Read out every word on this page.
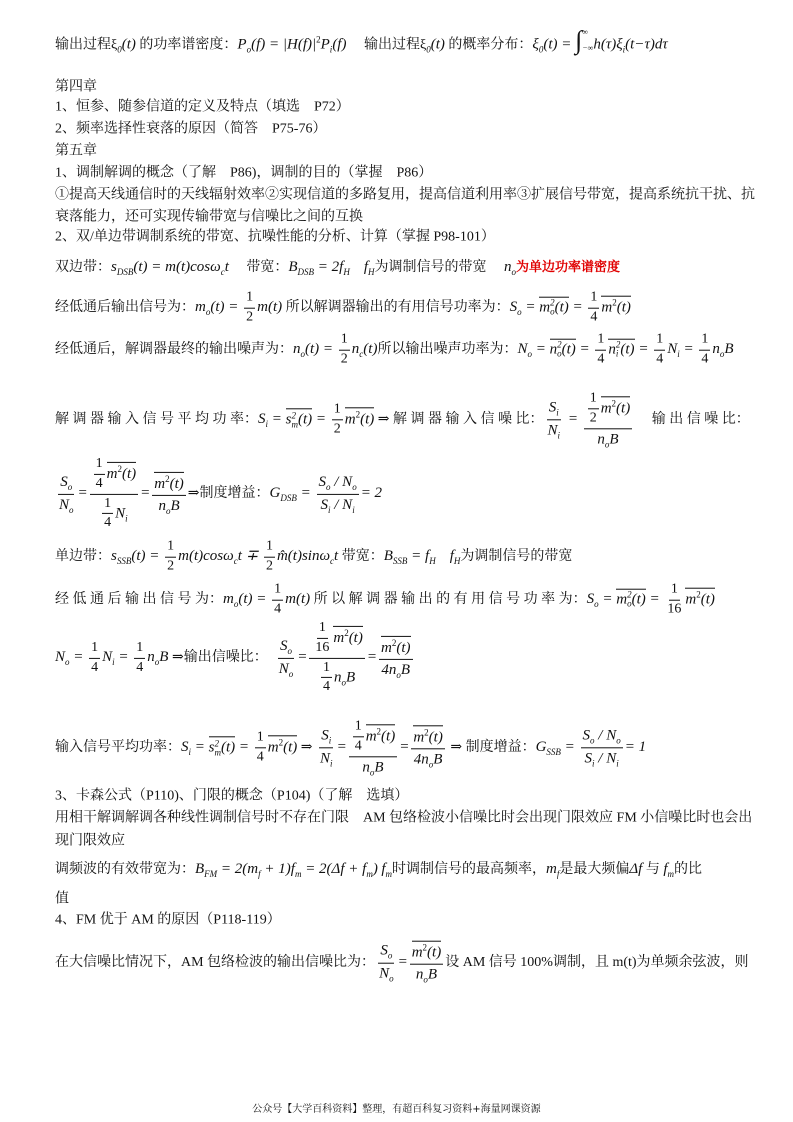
输出过程$\xi_0(t)$ 的功率谱密度：$P_o(f) = |H(f)|^2P_i(f)$　 输出过程$\xi_0(t)$ 的概率分布：$\xi_0(t)$ = ∫ ∞
−∞ $h(\tau)\xi_i(t-\tau)d\tau$
第四章
1、恒参、随参信道的定义及特点（填选　P72）
2、频率选择性衰落的原因（简答　P75-76）
第五章
1、调制解调的概念（了解　P86)，调制的目的（掌握　P86）
①提高天线通信时的天线辐射效率②实现信道的多路复用，提高信道利用率③扩展信号带宽，提高系统抗干扰、抗
衰落能力，还可实现传输带宽与信噪比之间的互换
2、双/单边带调制系统的带宽、抗噪性能的分析、计算（掌握 P98-101）
双边带：$s_{DSB}(t) = m(t)\cos\omega_ct$　 带宽：$B_{DSB} = 2f_H$　 $f_H$为调制信号的带宽　 $n_o$为单边功率谱密度
经低通后输出信号为：$m_o(t) = \frac{1}{2} m(t)$ 所以解调器输出的有用信号功率为：$S_o = m$ 2
o $(t) = \frac{1}{4} m^2(t)$
经低通后，解调器最终的输出噪声为：$n_o(t) = \frac{1}{2} n_c(t)$所以输出噪声功率为：$N_o = n$ 2
o $(t) = \frac{1}{4}$ n 2
i $(t) = \frac{1}{4} N_i = \frac{1}{4} n_oB$
解 调 器 输 入 信 号 平 均 功 率：$S_i = s$ 2
m $(t) = \frac{1}{2} m^2(t)$ ⇒ 解 调 器 输 入 信 噪 比： $\frac{S_i}{N_i} = \frac{\frac{1}{2} m^2(t)}{n_oB}$ 　 输 出 信 噪 比：
$\frac{S_o}{N_o} = \frac{\frac{1}{4} m^2(t)}{\frac{1}{4} N_i} = \frac{m^2(t)}{n_oB}$ ⇒制度增益：$G_{DSB} = \frac{S_o / N_o}{S_i / N_i} = 2$
单边带：$s_{SSB}(t) = \frac{1}{2} m(t)\cos\omega_ct \mp \frac{1}{2}$ m̂(t)sinω$_c$t 带宽：$B_{SSB} = f_H$　 $f_H$为调制信号的带宽
经 低 通 后 输 出 信 号 为：$m_o(t) = \frac{1}{4} m(t)$ 所 以 解 调 器 输 出 的 有 用 信 号 功 率 为：$S_o = m$ 2
o $(t) = \frac{1}{16} m^2(t)$
$N_o = \frac{1}{4} N_i = \frac{1}{4} n_oB$ ⇒输出信噪比：　 $\frac{S_o}{N_o} = \frac{\frac{1}{16} m^2(t)}{\frac{1}{4} n_oB} = \frac{m^2(t)}{4n_oB}$
输入信号平均功率：$S_i = s$ 2
m $(t) = \frac{1}{4} m^2(t)$ ⇒ $\frac{S_i}{N_i} = \frac{\frac{1}{4} m^2(t)}{n_oB} = \frac{m^2(t)}{4n_oB}$ ⇒ 制度增益：$G_{SSB} = \frac{S_o / N_o}{S_i / N_i} = 1$
3、卡森公式（P110)、门限的概念（P104)（了解　选填）
用相干解调解调各种线性调制信号时不存在门限　AM 包络检波小信噪比时会出现门限效应 FM 小信噪比时也会出
现门限效应
调频波的有效带宽为：$B_{FM} = 2(m_f + 1)f_m = 2(\Delta f + f_m)$ $f_m$时调制信号的最高频率，$m_f$是最大频偏Δf 与 $f_m$的比
值
4、FM 优于 AM 的原因（P118-119）
在大信噪比情况下，AM 包络检波的输出信噪比为： $\frac{S_o}{N_o} = \frac{m^2(t)}{n_oB}$ 设 AM 信号 100%调制，且 m(t)为单频余弦波，则
公众号【大学百科资料】整理，有超百科复习资料+海量网课资源
